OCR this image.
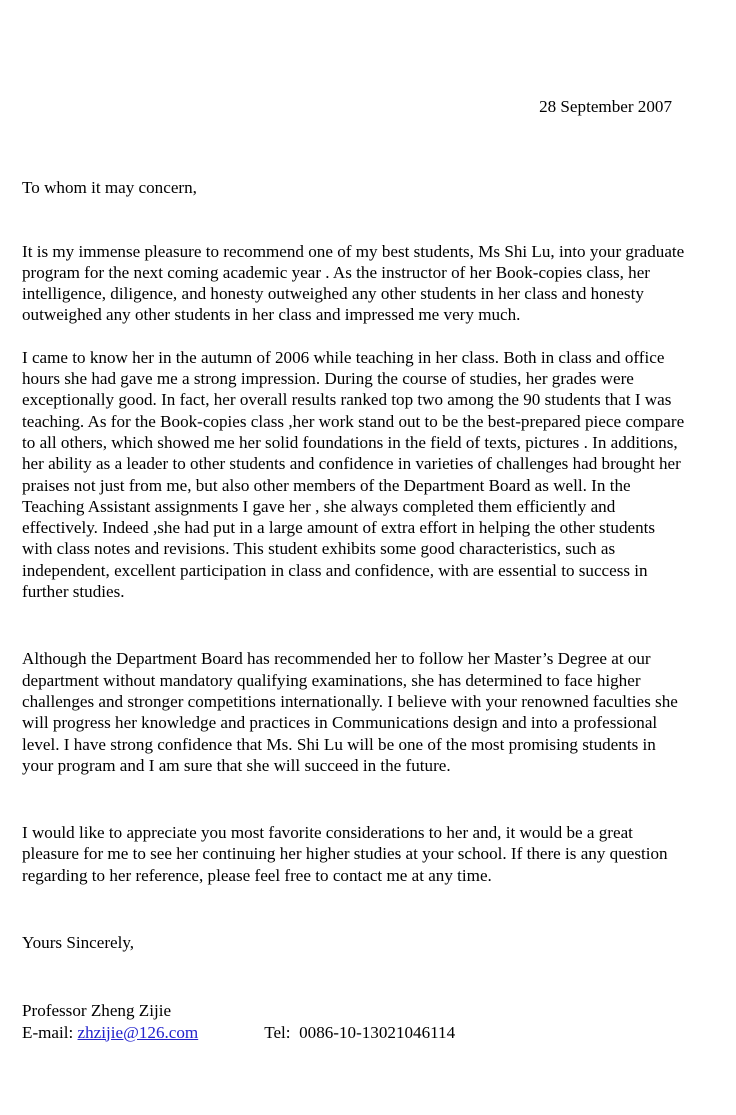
28 September 2007
To whom it may concern,

It is my immense pleasure to recommend one of my best students, Ms Shi Lu, into your graduate program for the next coming academic year . As the instructor of her Book-copies class, her intelligence, diligence, and honesty outweighed any other students in her class and honesty outweighed any other students in her class and impressed me very much.

I came to know her in the autumn of 2006 while teaching in her class. Both in class and office hours she had gave me a strong impression. During the course of studies, her grades were exceptionally good. In fact, her overall results ranked top two among the 90 students that I was teaching. As for the Book-copies class ,her work stand out to be the best-prepared piece compare to all others, which showed me her solid foundations in the field of texts, pictures . In additions, her ability as a leader to other students and confidence in varieties of challenges had brought her praises not just from me, but also other members of the Department Board as well. In the Teaching Assistant assignments I gave her , she always completed them efficiently and effectively. Indeed ,she had put in a large amount of extra effort in helping the other students with class notes and revisions. This student exhibits some good characteristics, such as independent, excellent participation in class and confidence, with are essential to success in further studies.

Although the Department Board has recommended her to follow her Master’s Degree at our department without mandatory qualifying examinations, she has determined to face higher challenges and stronger competitions internationally. I believe with your renowned faculties she will progress her knowledge and practices in Communications design and into a professional level. I have strong confidence that Ms. Shi Lu will be one of the most promising students in your program and I am sure that she will succeed in the future.

I would like to appreciate you most favorite considerations to her and, it would be a great pleasure for me to see her continuing her higher studies at your school. If there is any question regarding to her reference, please feel free to contact me at any time.

Yours Sincerely,
Professor Zheng Zijie
E-mail: zhzijie@126.com	Tel:  0086-10-13021046114
